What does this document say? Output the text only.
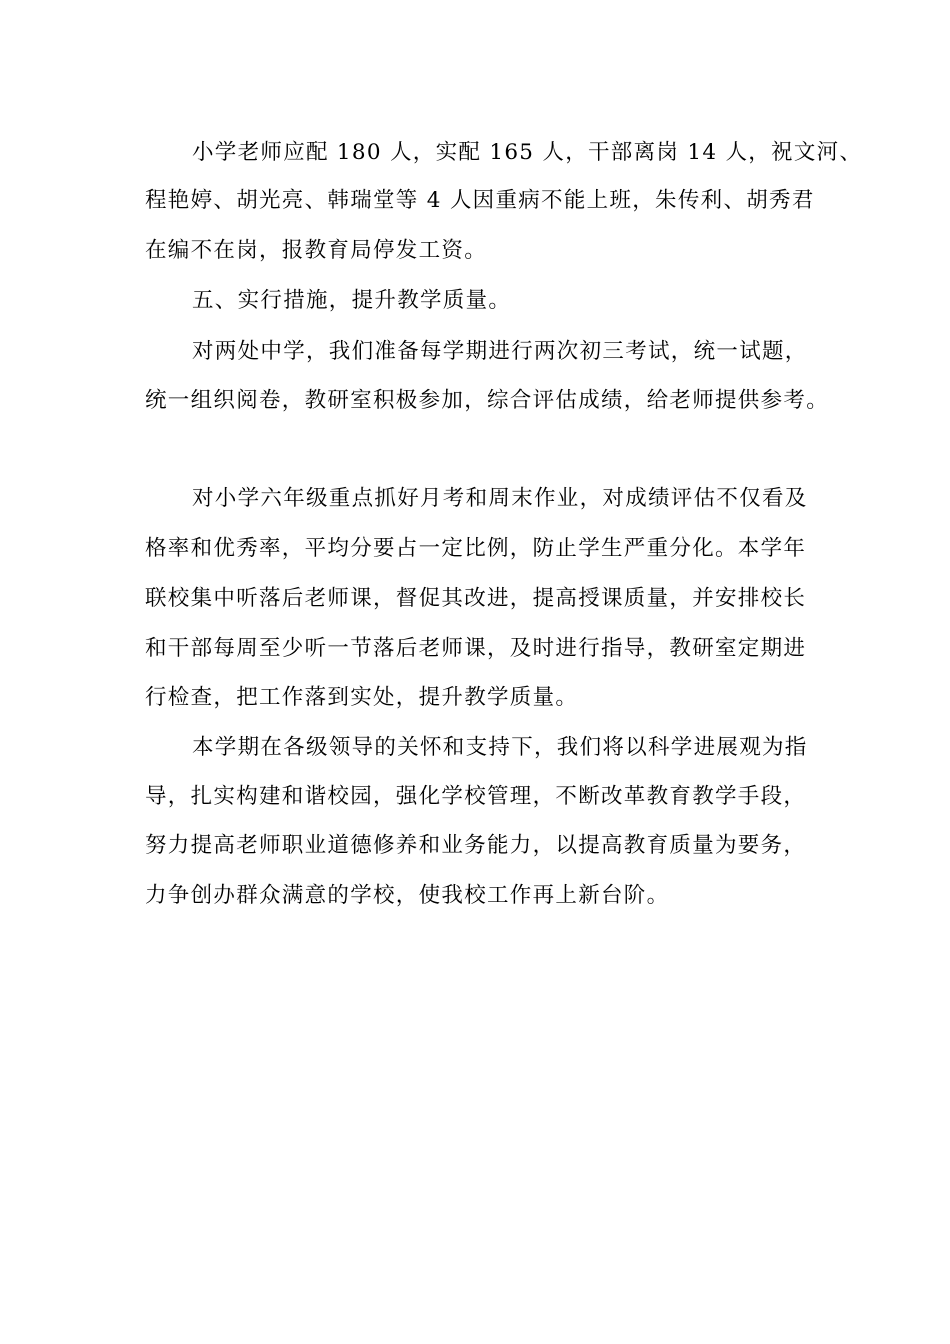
小学老师应配 180 人，实配 165 人，干部离岗 14 人，祝文河、

程艳婷、胡光亮、韩瑞堂等 4 人因重病不能上班，朱传利、胡秀君

在编不在岗，报教育局停发工资。

五、实行措施，提升教学质量。

对两处中学，我们准备每学期进行两次初三考试，统一试题，

统一组织阅卷，教研室积极参加，综合评估成绩，给老师提供参考。

对小学六年级重点抓好月考和周末作业，对成绩评估不仅看及

格率和优秀率，平均分要占一定比例，防止学生严重分化。本学年

联校集中听落后老师课，督促其改进，提高授课质量，并安排校长

和干部每周至少听一节落后老师课，及时进行指导，教研室定期进

行检查，把工作落到实处，提升教学质量。

本学期在各级领导的关怀和支持下，我们将以科学进展观为指

导，扎实构建和谐校园，强化学校管理，不断改革教育教学手段，

努力提高老师职业道德修养和业务能力，以提高教育质量为要务，

力争创办群众满意的学校，使我校工作再上新台阶。
